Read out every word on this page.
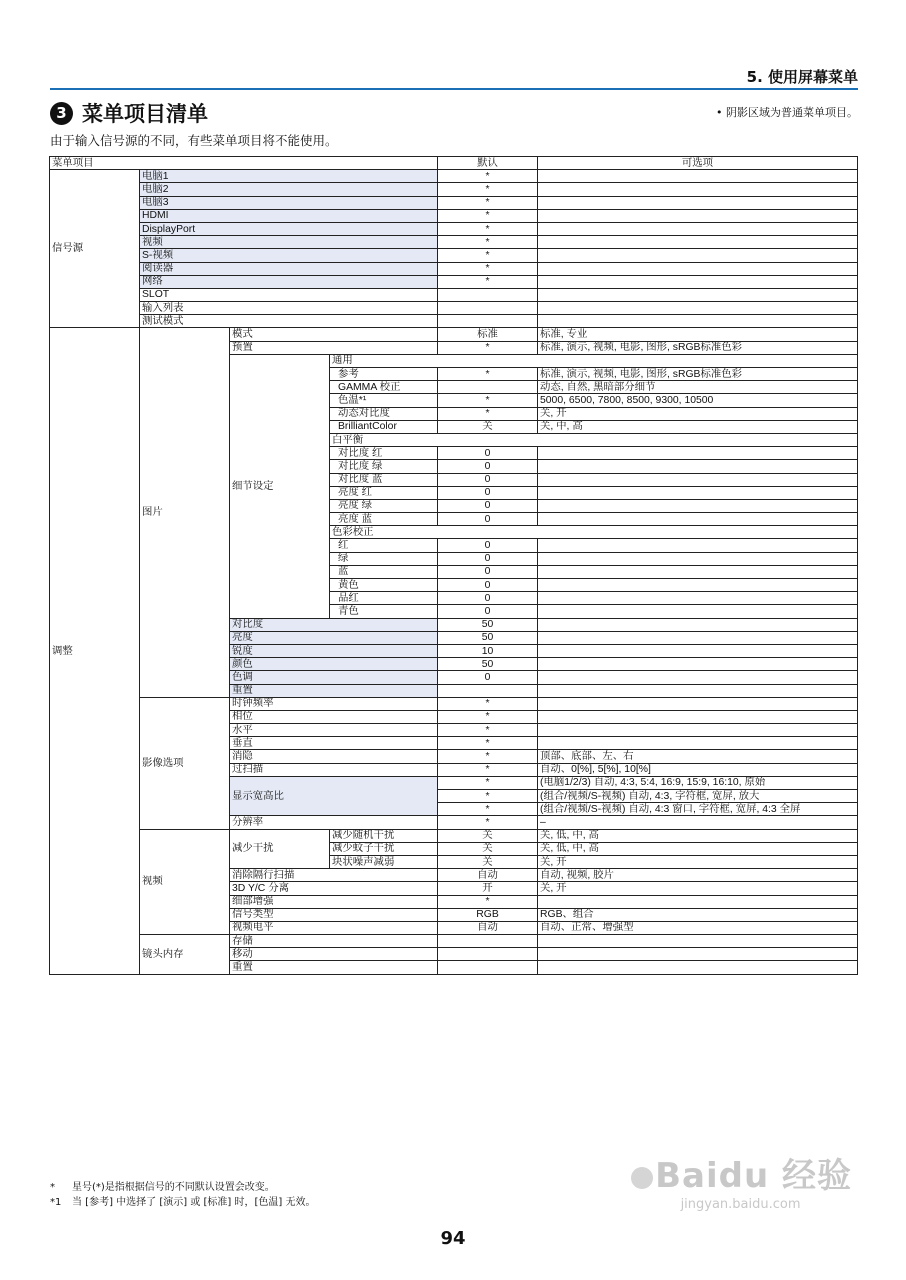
5. 使用屏幕菜单
3 菜单项目清单	• 阴影区域为普通菜单项目。
由于输入信号源的不同，有些菜单项目将不能使用。
菜单项目				默认	可选项
信号源	电脑1			*	
	电脑2			*	
	电脑3			*	
	HDMI			*	
	DisplayPort			*	
	视频			*	
	S-视频			*	
	阅读器			*	
	网络			*	
	SLOT				
	输入列表				
	测试模式				
调整	图片	模式		标准	标准, 专业
		预置		*	标准, 演示, 视频, 电影, 图形, sRGB标准色彩
		细节设定	通用		
			参考	*	标准, 演示, 视频, 电影, 图形, sRGB标准色彩
			GAMMA 校正		动态, 自然, 黑暗部分细节
			色温*¹	*	5000, 6500, 7800, 8500, 9300, 10500
			动态对比度	*	关, 开
			BrilliantColor	关	关, 中, 高
			白平衡		
			对比度 红	0	
			对比度 绿	0	
			对比度 蓝	0	
			亮度 红	0	
			亮度 绿	0	
			亮度 蓝	0	
			色彩校正		
			红	0	
			绿	0	
			蓝	0	
			黄色	0	
			品红	0	
			青色	0	
		对比度		50	
		亮度		50	
		锐度		10	
		颜色		50	
		色调		0	
		重置			
	影像选项	时钟频率		*	
		相位		*	
		水平		*	
		垂直		*	
		消隐		*	顶部、底部、左、右
		过扫描		*	自动、0[%], 5[%], 10[%]
		显示宽高比		*	(电脑1/2/3) 自动, 4:3, 5:4, 16:9, 15:9, 16:10, 原始
				*	(组合/视频/S-视频) 自动, 4:3, 字符框, 宽屏, 放大
				*	(组合/视频/S-视频) 自动, 4:3 窗口, 字符框, 宽屏, 4:3 全屏
		分辨率		*	–
	视频	减少干扰	减少随机干扰	关	关, 低, 中, 高
			减少蚊子干扰	关	关, 低, 中, 高
			块状噪声减弱	关	关, 开
		消除隔行扫描		自动	自动, 视频, 胶片
		3D Y/C 分离		开	关, 开
		细部增强		*	
		信号类型		RGB	RGB、组合
		视频电平		自动	自动、正常、增强型
	镜头内存	存储			
		移动			
		重置			
*	星号(*)是指根据信号的不同默认设置会改变。
*1	当 [参考] 中选择了 [演示] 或 [标准] 时，[色温] 无效。
94
Baidu 经验
jingyan.baidu.com
